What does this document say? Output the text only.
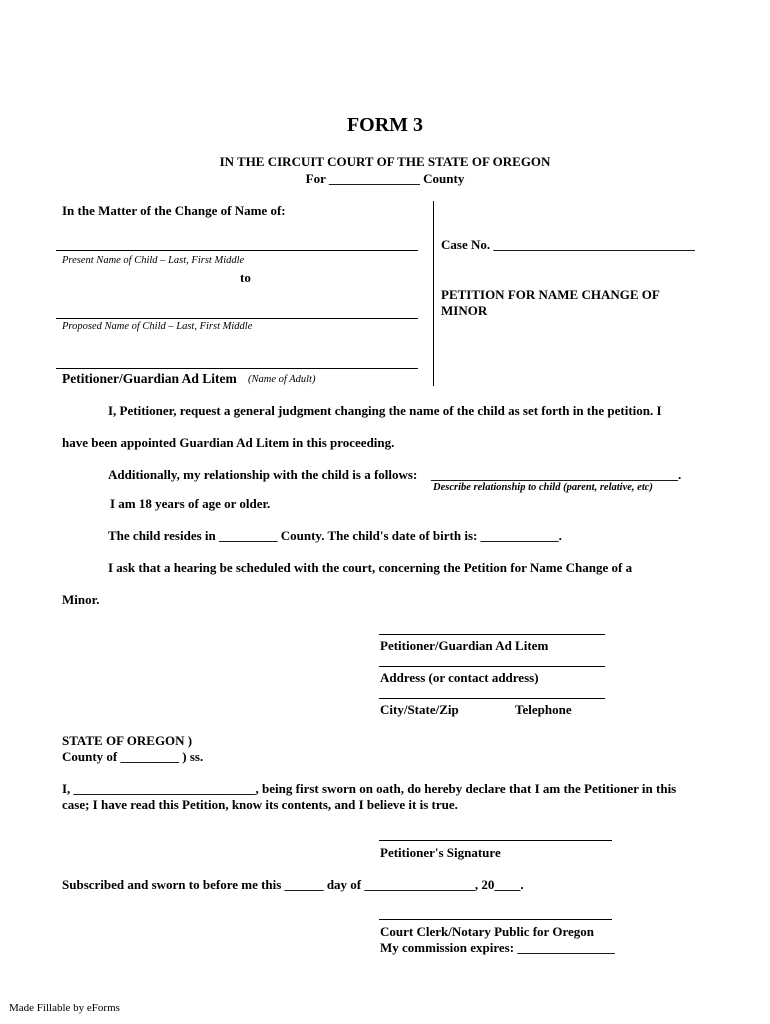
FORM 3
IN THE CIRCUIT COURT OF THE STATE OF OREGON
For ______________ County
In the Matter of the Change of Name of:
Present Name of Child – Last, First Middle
to
Proposed Name of Child – Last, First Middle
Petitioner/Guardian Ad Litem (Name of Adult)
Case No. _______________________________
PETITION FOR NAME CHANGE OF
MINOR
I, Petitioner, request a general judgment changing the name of the child as set forth in the petition. I
have been appointed Guardian Ad Litem in this proceeding.
Additionally, my relationship with the child is a follows: ______________________________________.
Describe relationship to child (parent, relative, etc)
I am 18 years of age or older.
The child resides in _________ County. The child's date of birth is: ____________.
I ask that a hearing be scheduled with the court, concerning the Petition for Name Change of a
Minor.
Petitioner/Guardian Ad Litem
Address (or contact address)
City/State/Zip	Telephone
STATE OF OREGON )
County of _________ ) ss.
I, ____________________________, being first sworn on oath, do hereby declare that I am the Petitioner in this
case; I have read this Petition, know its contents, and I believe it is true.
Petitioner's Signature
Subscribed and sworn to before me this ______ day of _________________, 20____.
Court Clerk/Notary Public for Oregon
My commission expires: _______________
Made Fillable by eForms
